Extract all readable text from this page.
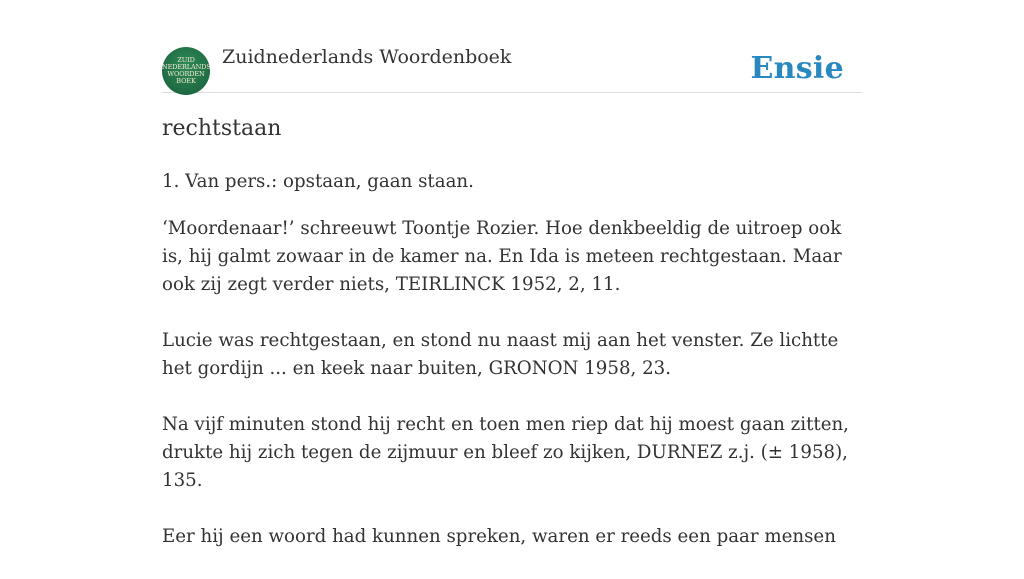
ZUID
NEDERLANDS
WOORDEN
BOEK
Zuidnederlands Woordenboek	Ensie
rechtstaan

1. Van pers.: opstaan, gaan staan.

‘Moordenaar!’ schreeuwt Toontje Rozier. Hoe denkbeeldig de uitroep ook is, hij galmt zowaar in de kamer na. En Ida is meteen rechtgestaan. Maar ook zij zegt verder niets, TEIRLINCK 1952, 2, 11.

Lucie was rechtgestaan, en stond nu naast mij aan het venster. Ze lichtte het gordijn ... en keek naar buiten, GRONON 1958, 23.

Na vijf minuten stond hij recht en toen men riep dat hij moest gaan zitten, drukte hij zich tegen de zijmuur en bleef zo kijken, DURNEZ z.j. (± 1958), 135.

Eer hij een woord had kunnen spreken, waren er reeds een paar mensen
